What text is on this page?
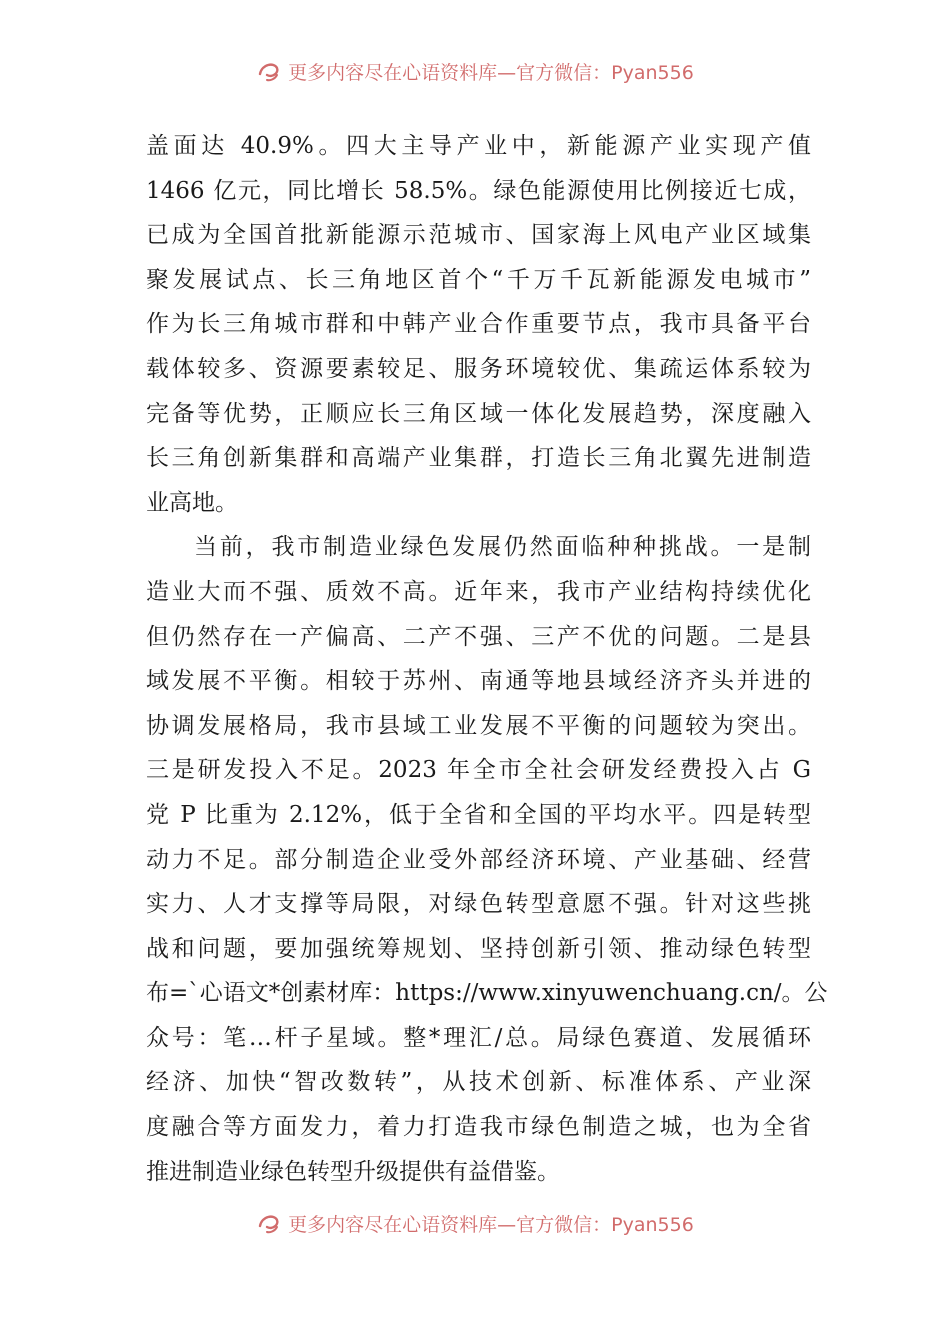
更多内容尽在心语资料库—官方微信：Pyan556
盖面达 40.9%。四大主导产业中，新能源产业实现产值
1466 亿元，同比增长 58.5%。绿色能源使用比例接近七成，
已成为全国首批新能源示范城市、国家海上风电产业区域集
聚发展试点、长三角地区首个“千万千瓦新能源发电城市”
作为长三角城市群和中韩产业合作重要节点，我市具备平台
载体较多、资源要素较足、服务环境较优、集疏运体系较为
完备等优势，正顺应长三角区域一体化发展趋势，深度融入
长三角创新集群和高端产业集群，打造长三角北翼先进制造
业高地。
当前，我市制造业绿色发展仍然面临种种挑战。一是制
造业大而不强、质效不高。近年来，我市产业结构持续优化
但仍然存在一产偏高、二产不强、三产不优的问题。二是县
域发展不平衡。相较于苏州、南通等地县域经济齐头并进的
协调发展格局，我市县域工业发展不平衡的问题较为突出。
三是研发投入不足。2023 年全市全社会研发经费投入占 G
党 P 比重为 2.12%，低于全省和全国的平均水平。四是转型
动力不足。部分制造企业受外部经济环境、产业基础、经营
实力、人才支撑等局限，对绿色转型意愿不强。针对这些挑
战和问题，要加强统筹规划、坚持创新引领、推动绿色转型
布=`心语文*创素材库：https://www.xinyuwenchuang.cn/。公
众号：笔…杆子星域。整*理汇/总。局绿色赛道、发展循环
经济、加快“智改数转”，从技术创新、标准体系、产业深
度融合等方面发力，着力打造我市绿色制造之城，也为全省
推进制造业绿色转型升级提供有益借鉴。
更多内容尽在心语资料库—官方微信：Pyan556
